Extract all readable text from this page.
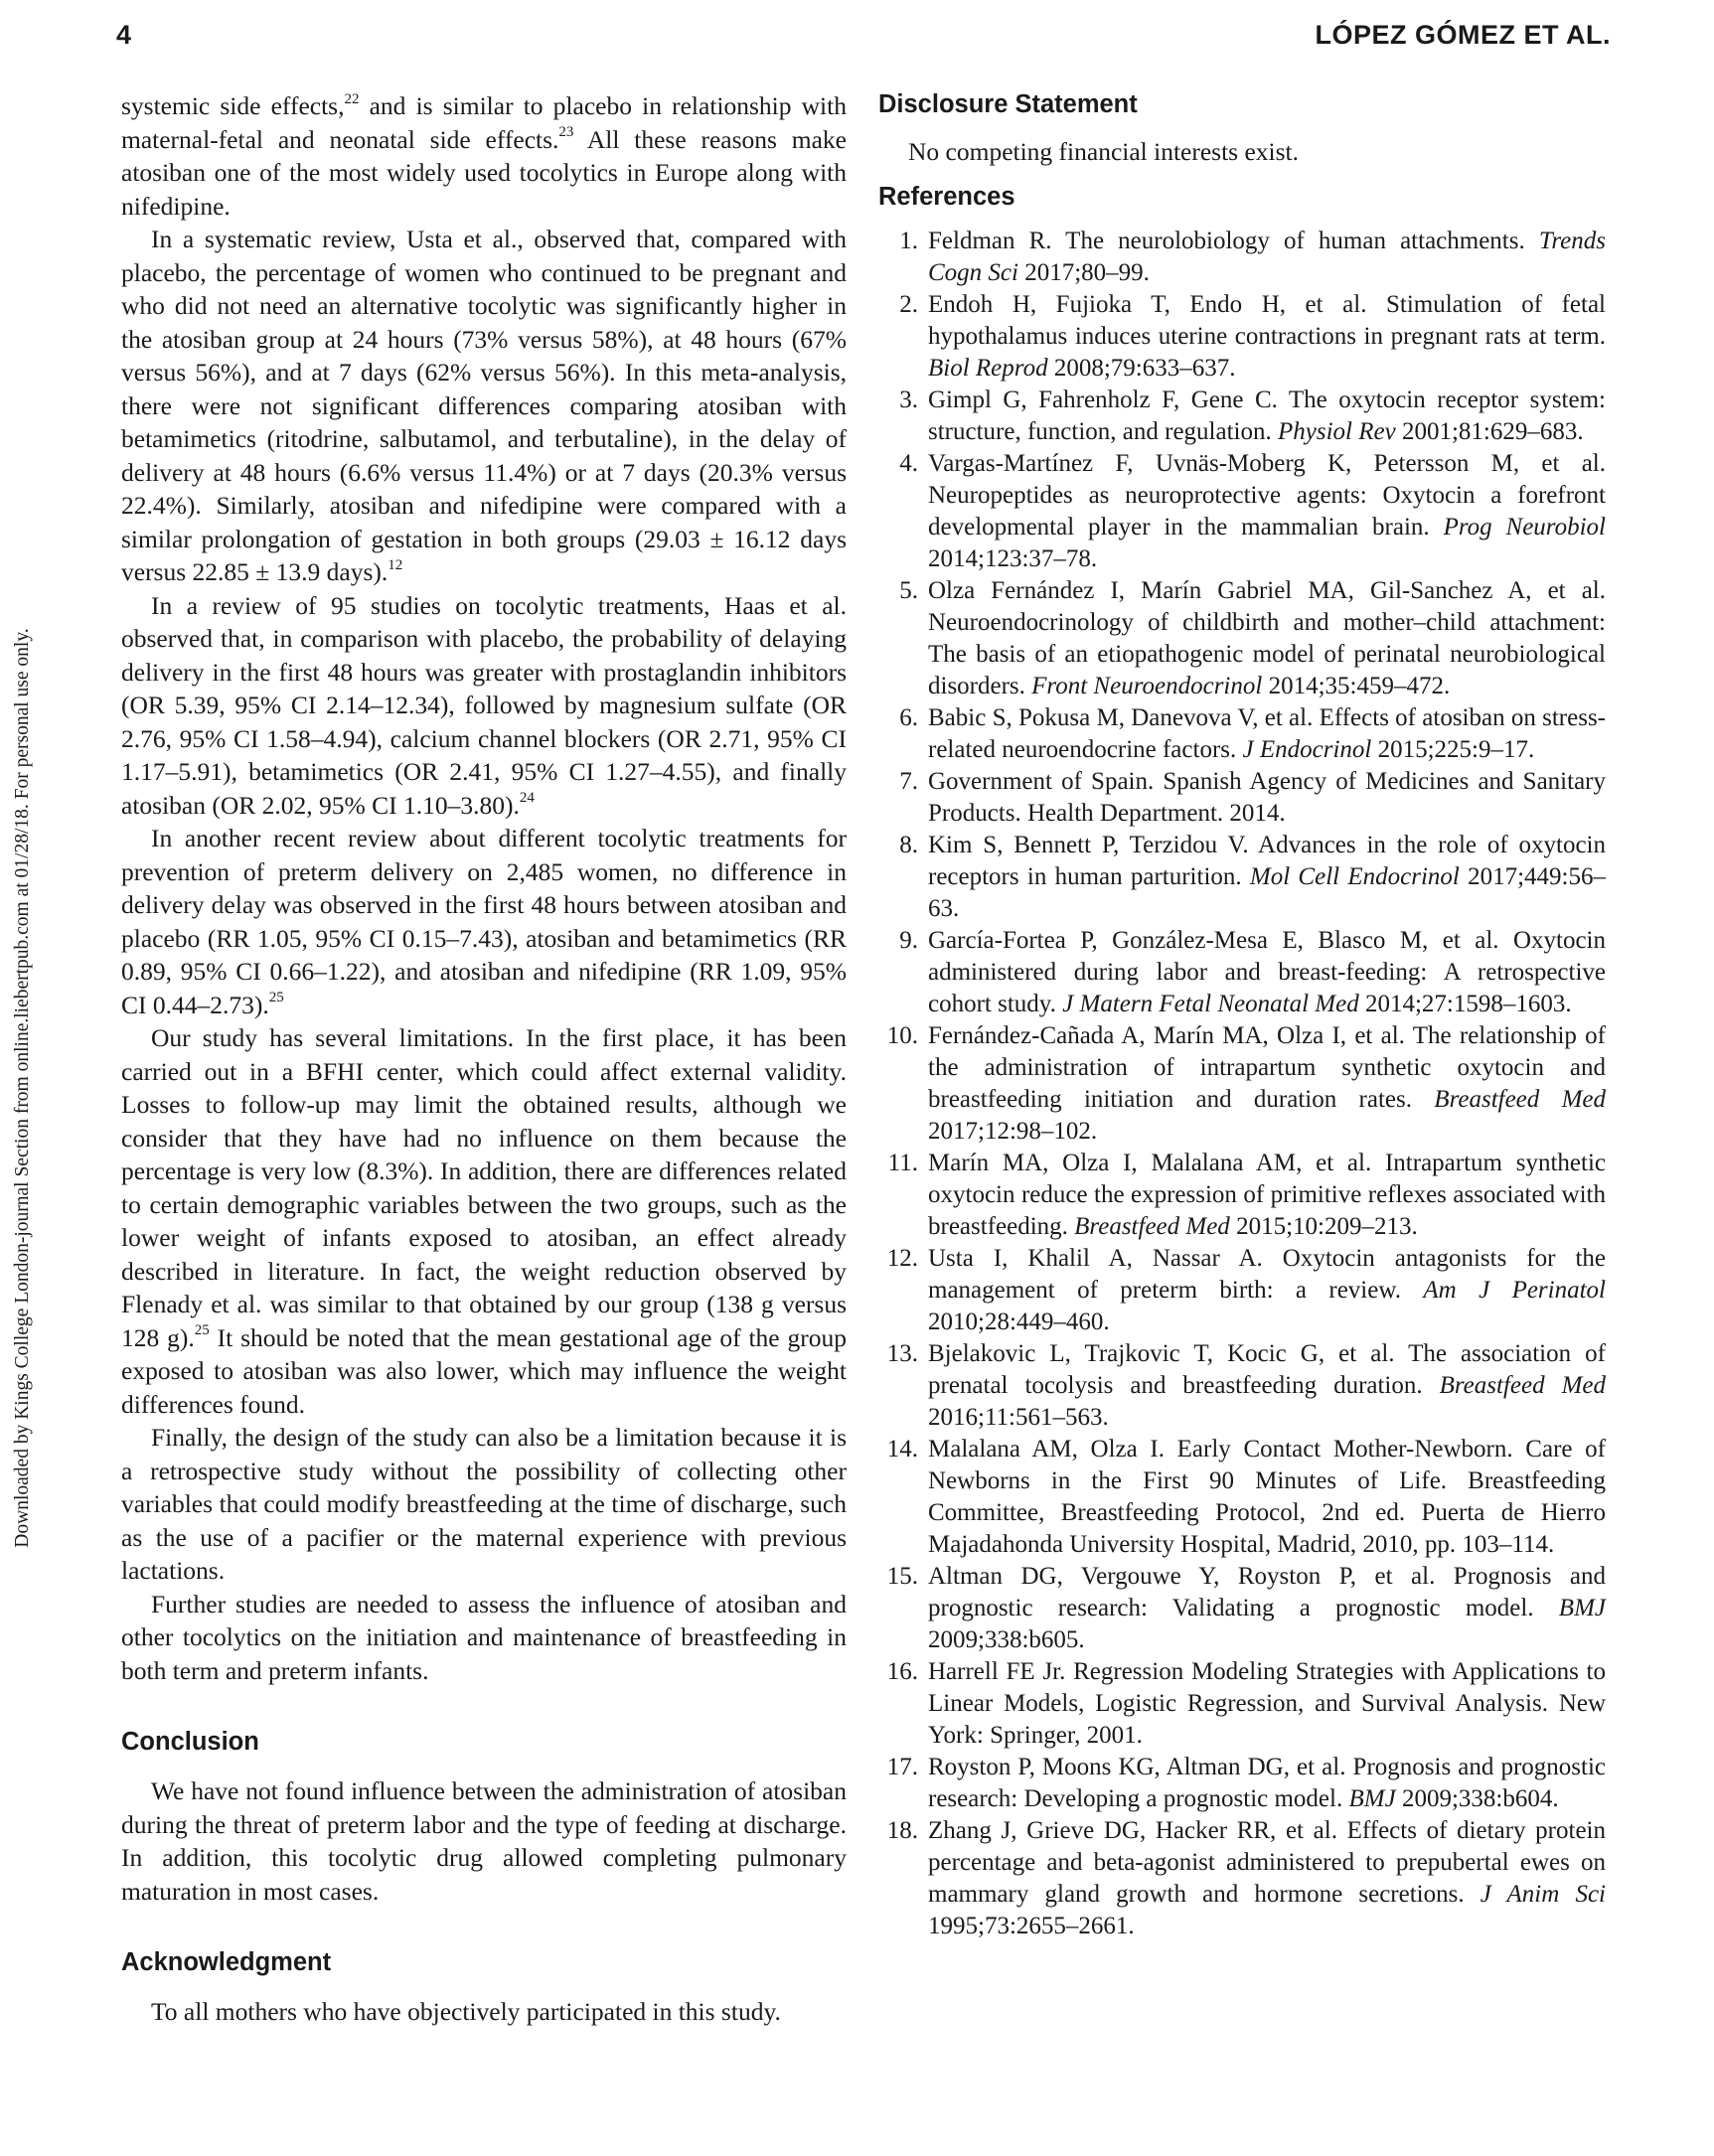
4	LÓPEZ GÓMEZ ET AL.
Downloaded by Kings College London-journal Section from online.liebertpub.com at 01/28/18. For personal use only.

systemic side effects,$^{22}$ and is similar to placebo in relationship with maternal-fetal and neonatal side effects.$^{23}$ All these reasons make atosiban one of the most widely used tocolytics in Europe along with nifedipine.

In a systematic review, Usta et al., observed that, compared with placebo, the percentage of women who continued to be pregnant and who did not need an alternative tocolytic was significantly higher in the atosiban group at 24 hours (73% versus 58%), at 48 hours (67% versus 56%), and at 7 days (62% versus 56%). In this meta-analysis, there were not significant differences comparing atosiban with betamimetics (ritodrine, salbutamol, and terbutaline), in the delay of delivery at 48 hours (6.6% versus 11.4%) or at 7 days (20.3% versus 22.4%). Similarly, atosiban and nifedipine were compared with a similar prolongation of gestation in both groups (29.03 ± 16.12 days versus 22.85 ± 13.9 days).$^{12}$

In a review of 95 studies on tocolytic treatments, Haas et al. observed that, in comparison with placebo, the probability of delaying delivery in the first 48 hours was greater with prostaglandin inhibitors (OR 5.39, 95% CI 2.14–12.34), followed by magnesium sulfate (OR 2.76, 95% CI 1.58–4.94), calcium channel blockers (OR 2.71, 95% CI 1.17–5.91), betamimetics (OR 2.41, 95% CI 1.27–4.55), and finally atosiban (OR 2.02, 95% CI 1.10–3.80).$^{24}$

In another recent review about different tocolytic treatments for prevention of preterm delivery on 2,485 women, no difference in delivery delay was observed in the first 48 hours between atosiban and placebo (RR 1.05, 95% CI 0.15–7.43), atosiban and betamimetics (RR 0.89, 95% CI 0.66–1.22), and atosiban and nifedipine (RR 1.09, 95% CI 0.44–2.73).$^{25}$

Our study has several limitations. In the first place, it has been carried out in a BFHI center, which could affect external validity. Losses to follow-up may limit the obtained results, although we consider that they have had no influence on them because the percentage is very low (8.3%). In addition, there are differences related to certain demographic variables between the two groups, such as the lower weight of infants exposed to atosiban, an effect already described in literature. In fact, the weight reduction observed by Flenady et al. was similar to that obtained by our group (138 g versus 128 g).$^{25}$ It should be noted that the mean gestational age of the group exposed to atosiban was also lower, which may influence the weight differences found.

Finally, the design of the study can also be a limitation because it is a retrospective study without the possibility of collecting other variables that could modify breastfeeding at the time of discharge, such as the use of a pacifier or the maternal experience with previous lactations.

Further studies are needed to assess the influence of atosiban and other tocolytics on the initiation and maintenance of breastfeeding in both term and preterm infants.

Conclusion

We have not found influence between the administration of atosiban during the threat of preterm labor and the type of feeding at discharge. In addition, this tocolytic drug allowed completing pulmonary maturation in most cases.

Acknowledgment

To all mothers who have objectively participated in this study.

Disclosure Statement
No competing financial interests exist.
References
1. Feldman R. The neurolobiology of human attachments. Trends Cogn Sci 2017;80–99.
2. Endoh H, Fujioka T, Endo H, et al. Stimulation of fetal hypothalamus induces uterine contractions in pregnant rats at term. Biol Reprod 2008;79:633–637.
3. Gimpl G, Fahrenholz F, Gene C. The oxytocin receptor system: structure, function, and regulation. Physiol Rev 2001;81:629–683.
4. Vargas-Martínez F, Uvnäs-Moberg K, Petersson M, et al. Neuropeptides as neuroprotective agents: Oxytocin a forefront developmental player in the mammalian brain. Prog Neurobiol 2014;123:37–78.
5. Olza Fernández I, Marín Gabriel MA, Gil-Sanchez A, et al. Neuroendocrinology of childbirth and mother–child attachment: The basis of an etiopathogenic model of perinatal neurobiological disorders. Front Neuroendocrinol 2014;35:459–472.
6. Babic S, Pokusa M, Danevova V, et al. Effects of atosiban on stress-related neuroendocrine factors. J Endocrinol 2015;225:9–17.
7. Government of Spain. Spanish Agency of Medicines and Sanitary Products. Health Department. 2014.
8. Kim S, Bennett P, Terzidou V. Advances in the role of oxytocin receptors in human parturition. Mol Cell Endocrinol 2017;449:56–63.
9. García-Fortea P, González-Mesa E, Blasco M, et al. Oxytocin administered during labor and breast-feeding: A retrospective cohort study. J Matern Fetal Neonatal Med 2014;27:1598–1603.
10. Fernández-Cañada A, Marín MA, Olza I, et al. The relationship of the administration of intrapartum synthetic oxytocin and breastfeeding initiation and duration rates. Breastfeed Med 2017;12:98–102.
11. Marín MA, Olza I, Malalana AM, et al. Intrapartum synthetic oxytocin reduce the expression of primitive reflexes associated with breastfeeding. Breastfeed Med 2015;10:209–213.
12. Usta I, Khalil A, Nassar A. Oxytocin antagonists for the management of preterm birth: a review. Am J Perinatol 2010;28:449–460.
13. Bjelakovic L, Trajkovic T, Kocic G, et al. The association of prenatal tocolysis and breastfeeding duration. Breastfeed Med 2016;11:561–563.
14. Malalana AM, Olza I. Early Contact Mother-Newborn. Care of Newborns in the First 90 Minutes of Life. Breastfeeding Committee, Breastfeeding Protocol, 2nd ed. Puerta de Hierro Majadahonda University Hospital, Madrid, 2010, pp. 103–114.
15. Altman DG, Vergouwe Y, Royston P, et al. Prognosis and prognostic research: Validating a prognostic model. BMJ 2009;338:b605.
16. Harrell FE Jr. Regression Modeling Strategies with Applications to Linear Models, Logistic Regression, and Survival Analysis. New York: Springer, 2001.
17. Royston P, Moons KG, Altman DG, et al. Prognosis and prognostic research: Developing a prognostic model. BMJ 2009;338:b604.
18. Zhang J, Grieve DG, Hacker RR, et al. Effects of dietary protein percentage and beta-agonist administered to prepubertal ewes on mammary gland growth and hormone secretions. J Anim Sci 1995;73:2655–2661.
